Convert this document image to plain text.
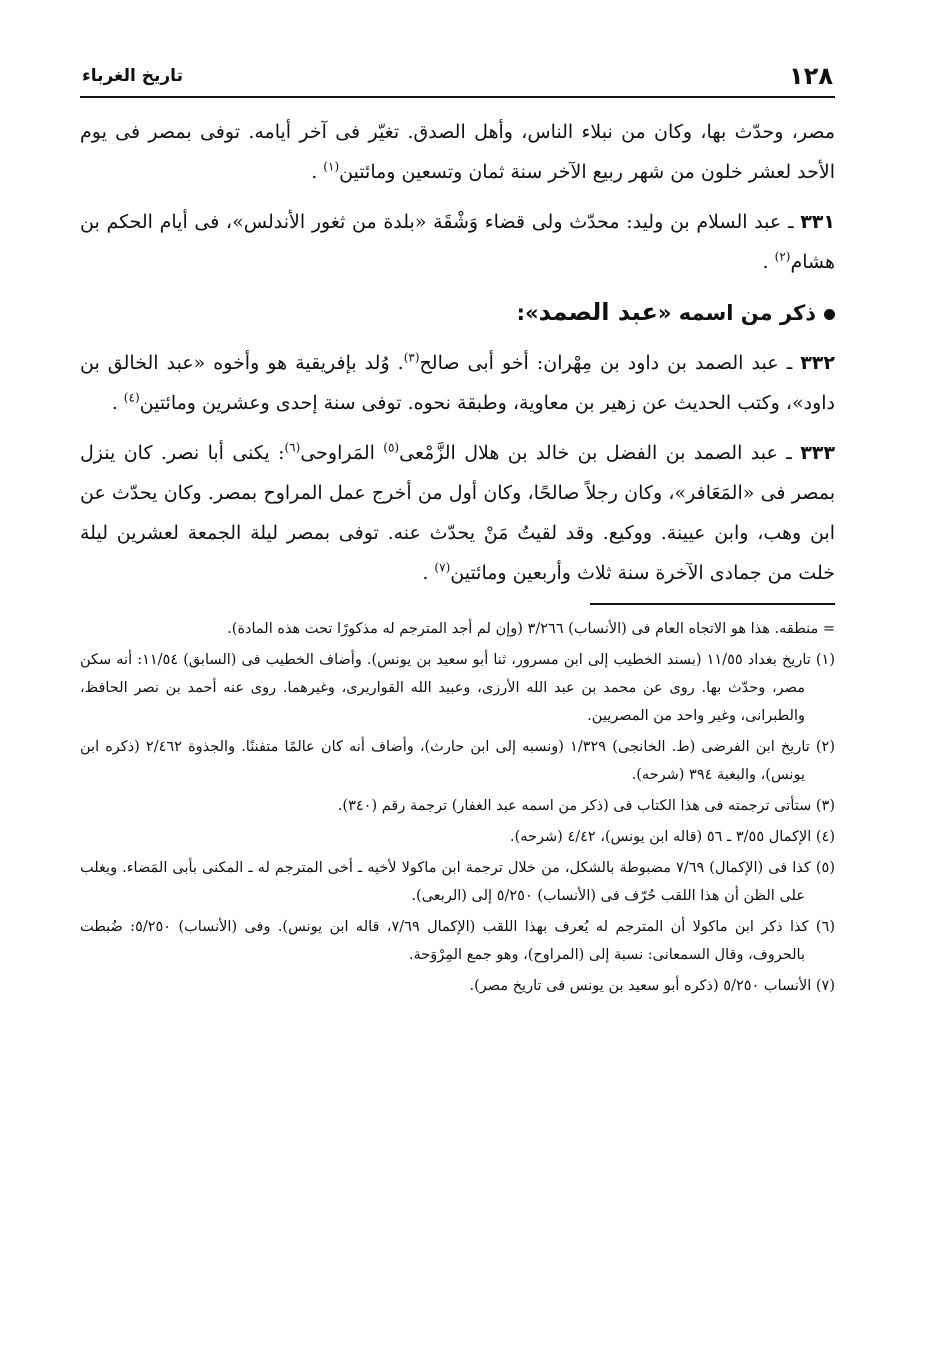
١٢٨
تاريخ الغرباء

مصر، وحدّث بها، وكان من نبلاء الناس، وأهل الصدق. تغيّر فى آخر أيامه. توفى بمصر فى يوم الأحد لعشر خلون من شهر ربيع الآخر سنة ثمان وتسعين ومائتين$^{(١)}$ .

٣٣١ ـ عبد السلام بن وليد: محدّث ولى قضاء وَشْقَة «بلدة من ثغور الأندلس»، فى أيام الحكم بن هشام$^{(٢)}$ .

ذكر من اسمه «عبد الصمد»:

٣٣٢ ـ عبد الصمد بن داود بن مِهْران: أخو أبى صالح$^{(٣)}$. وُلد بإفريقية هو وأخوه «عبد الخالق بن داود»، وكتب الحديث عن زهير بن معاوية، وطبقة نحوه. توفى سنة إحدى وعشرين ومائتين$^{(٤)}$ .

٣٣٣ ـ عبد الصمد بن الفضل بن خالد بن هلال الزَّمْعى$^{(٥)}$ المَراوحى$^{(٦)}$: يكنى أبا نصر. كان ينزل بمصر فى «المَعَافر»، وكان رجلاً صالحًا، وكان أول من أخرج عمل المراوح بمصر. وكان يحدّث عن ابن وهب، وابن عيينة. ووكيع. وقد لقيتُ مَنْ يحدّث عنه. توفى بمصر ليلة الجمعة لعشرين ليلة خلت من جمادى الآخرة سنة ثلاث وأربعين ومائتين$^{(٧)}$ .

= منطقه. هذا هو الاتجاه العام فى (الأنساب) ٣/٢٦٦ (وإن لم أجد المترجم له مذكورًا تحت هذه المادة).

(١) تاريخ بغداد ١١/٥٥ (بسند الخطيب إلى ابن مسرور، ثنا أبو سعيد بن يونس). وأضاف الخطيب فى (السابق) ١١/٥٤: أنه سكن مصر، وحدّث بها. روى عن محمد بن عبد الله الأرزى، وعبيد الله القواريرى، وغيرهما. روى عنه أحمد بن نصر الحافظ، والطبرانى، وغير واحد من المصريين.

(٢) تاريخ ابن الفرضى (ط. الخانجى) ١/٣٢٩ (ونسبه إلى ابن حارث)، وأضاف أنه كان عالمًا متفننًا. والجذوة ٢/٤٦٢ (ذكره ابن يونس)، والبغية ٣٩٤ (شرحه).

(٣) ستأتى ترجمته فى هذا الكتاب فى (ذكر من اسمه عبد الغفار) ترجمة رقم (٣٤٠).

(٤) الإكمال ٣/٥٥ ـ ٥٦ (قاله ابن يونس)، ٤/٤٢ (شرحه).

(٥) كذا فى (الإكمال) ٧/٦٩ مضبوطة بالشكل، من خلال ترجمة ابن ماكولا لأخيه ـ أخى المترجم له ـ المكنى بأبى المَضاء. ويغلب على الظن أن هذا اللقب حُرّف فى (الأنساب) ٥/٢٥٠ إلى (الربعى).

(٦) كذا ذكر ابن ماكولا أن المترجم له يُعرف بهذا اللقب (الإكمال ٧/٦٩، قاله ابن يونس). وفى (الأنساب) ٥/٢٥٠: ضُبطت بالحروف، وقال السمعانى: نسبة إلى (المراوح)، وهو جمع المِرْوَحة.

(٧) الأنساب ٥/٢٥٠ (ذكره أبو سعيد بن يونس فى تاريخ مصر).
